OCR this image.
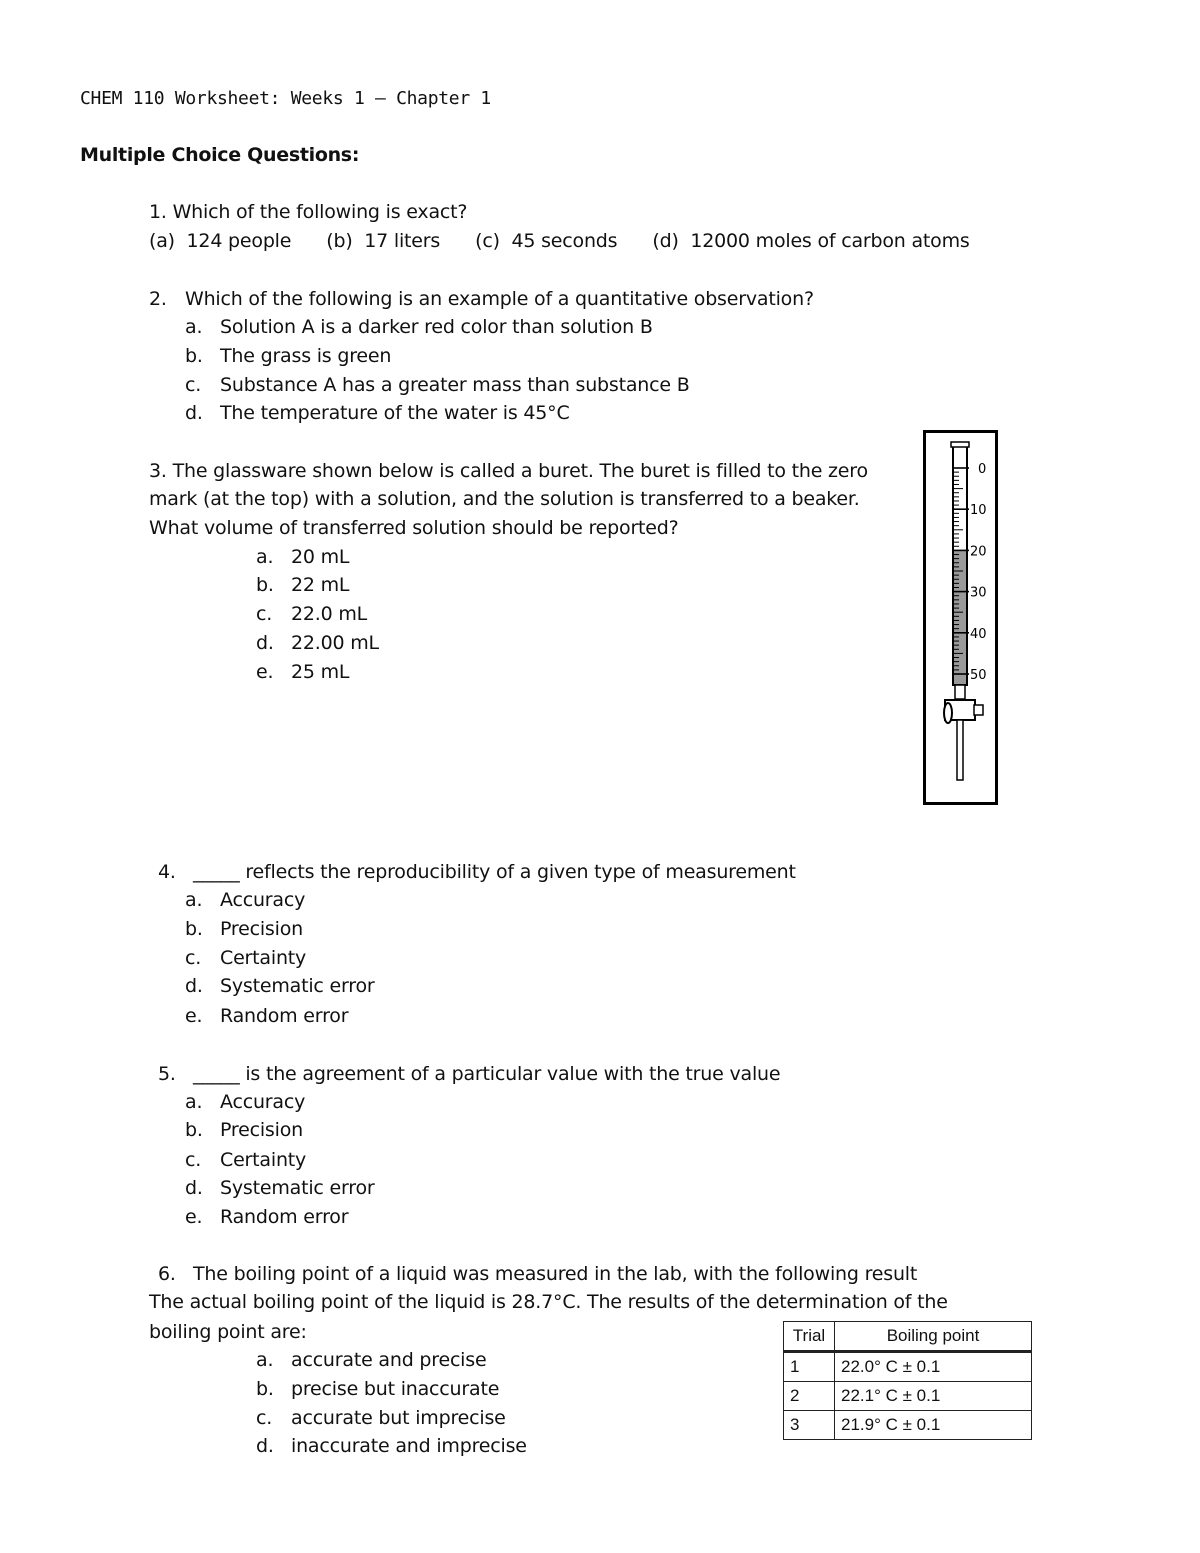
CHEM 110 Worksheet: Weeks 1 – Chapter 1
Multiple Choice Questions:
1. Which of the following is exact?
(a)  124 people      (b)  17 liters      (c)  45 seconds      (d)  12000 moles of carbon atoms
2. Which of the following is an example of a quantitative observation?
a. Solution A is a darker red color than solution B
b. The grass is green
c. Substance A has a greater mass than substance B
d. The temperature of the water is 45°C
3. The glassware shown below is called a buret. The buret is filled to the zero
mark (at the top) with a solution, and the solution is transferred to a beaker.
What volume of transferred solution should be reported?
a. 20 mL
b. 22 mL
c. 22.0 mL
d. 22.00 mL
e. 25 mL
0
10
20
30
40
50
4. _____ reflects the reproducibility of a given type of measurement
a. Accuracy
b. Precision
c. Certainty
d. Systematic error
e. Random error
5. _____ is the agreement of a particular value with the true value
a. Accuracy
b. Precision
c. Certainty
d. Systematic error
e. Random error
6. The boiling point of a liquid was measured in the lab, with the following result
The actual boiling point of the liquid is 28.7°C. The results of the determination of the
boiling point are:
a. accurate and precise
b. precise but inaccurate
c. accurate but imprecise
d. inaccurate and imprecise
Trial	Boiling point
1	22.0° C ± 0.1
2	22.1° C ± 0.1
3	21.9° C ± 0.1
